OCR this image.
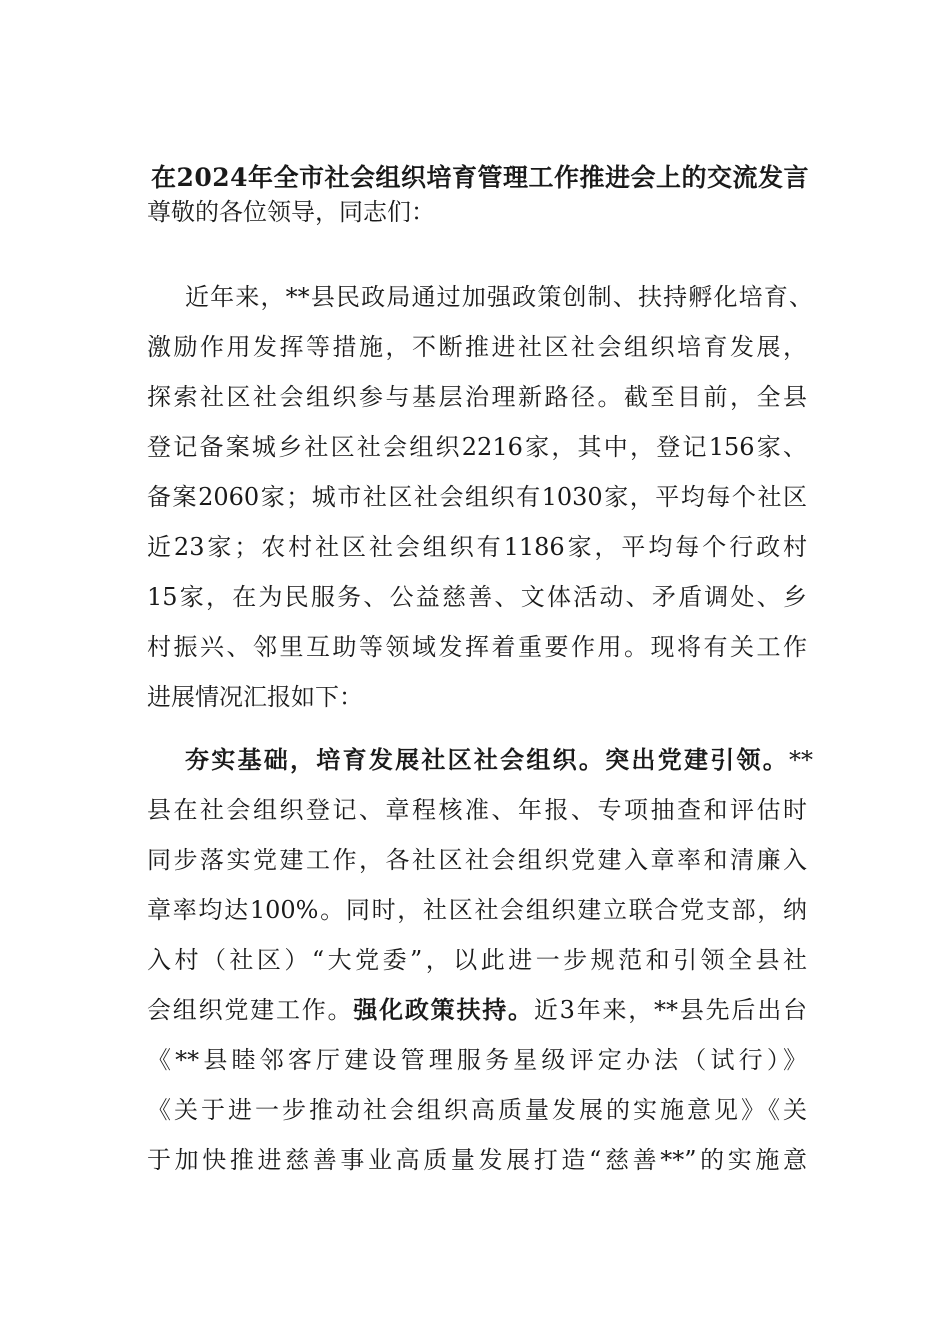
在2024年全市社会组织培育管理工作推进会上的交流发言
尊敬的各位领导，同志们：
近年来，**县民政局通过加强政策创制、扶持孵化培育、
激励作用发挥等措施，不断推进社区社会组织培育发展，
探索社区社会组织参与基层治理新路径。截至目前，全县
登记备案城乡社区社会组织2216家，其中，登记156家、
备案2060家；城市社区社会组织有1030家，平均每个社区
近23家；农村社区社会组织有1186家，平均每个行政村
15家，在为民服务、公益慈善、文体活动、矛盾调处、乡
村振兴、邻里互助等领域发挥着重要作用。现将有关工作
进展情况汇报如下：
夯实基础，培育发展社区社会组织。突出党建引领。**
县在社会组织登记、章程核准、年报、专项抽查和评估时
同步落实党建工作，各社区社会组织党建入章率和清廉入
章率均达100%。同时，社区社会组织建立联合党支部，纳
入村（社区）“大党委”，以此进一步规范和引领全县社
会组织党建工作。强化政策扶持。近3年来，**县先后出台
《**县睦邻客厅建设管理服务星级评定办法（试行）》
《关于进一步推动社会组织高质量发展的实施意见》《关
于加快推进慈善事业高质量发展打造“慈善**”的实施意
